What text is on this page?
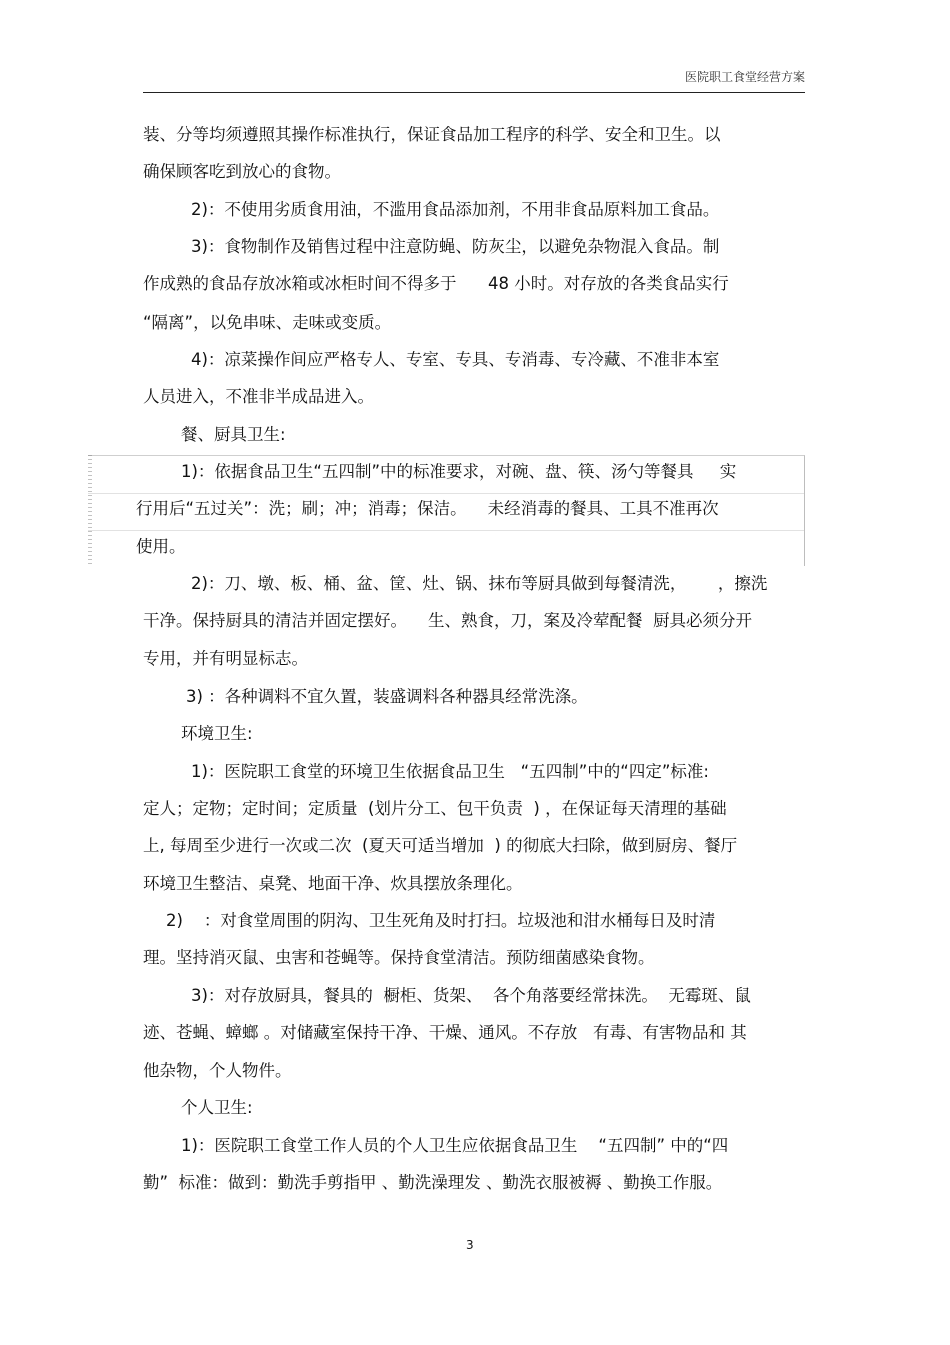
医院职工食堂经营方案
装、分等均须遵照其操作标准执行，保证食品加工程序的科学、安全和卫生。以
确保顾客吃到放心的食物。
2)：不使用劣质食用油，不滥用食品添加剂，不用非食品原料加工食品。
3)：食物制作及销售过程中注意防蝇、防灰尘，以避免杂物混入食品。制
作成熟的食品存放冰箱或冰柜时间不得多于      48 小时。对存放的各类食品实行
“隔离”，以免串味、走味或变质。
4)：凉菜操作间应严格专人、专室、专具、专消毒、专冷藏、不准非本室
人员进入，不准非半成品进入。
餐、厨具卫生:
1)：依据食品卫生“五四制”中的标准要求，对碗、盘、筷、汤勺等餐具     实
行用后“五过关”：洗；刷；冲；消毒；保洁。    未经消毒的餐具、工具不准再次
使用。
2)：刀、墩、板、桶、盆、筐、灶、锅、抹布等厨具做到每餐清洗，      ，擦洗
干净。保持厨具的清洁并固定摆好。    生、熟食，刀，案及冷荤配餐  厨具必须分开
专用，并有明显标志。
3) ：各种调料不宜久置，装盛调料各种器具经常洗涤。
环境卫生:
1)：医院职工食堂的环境卫生依据食品卫生   “五四制”中的“四定”标准:
定人；定物；定时间；定质量  (划片分工、包干负责  ) ，在保证每天清理的基础
上, 每周至少进行一次或二次  (夏天可适当增加  ) 的彻底大扫除，做到厨房、餐厅
环境卫生整洁、桌凳、地面干净、炊具摆放条理化。
2)    ：对食堂周围的阴沟、卫生死角及时打扫。垃圾池和泔水桶每日及时清
理。坚持消灭鼠、虫害和苍蝇等。保持食堂清洁。预防细菌感染食物。
3)：对存放厨具，餐具的  橱柜、货架、  各个角落要经常抹洗。  无霉斑、鼠
迹、苍蝇、蟑螂 。对储藏室保持干净、干燥、通风。不存放   有毒、有害物品和 其
他杂物，个人物件。
个人卫生:
1)：医院职工食堂工作人员的个人卫生应依据食品卫生    “五四制” 中的“四
勤”  标准：做到：勤洗手剪指甲 、勤洗澡理发 、勤洗衣服被褥 、勤换工作服。
3
